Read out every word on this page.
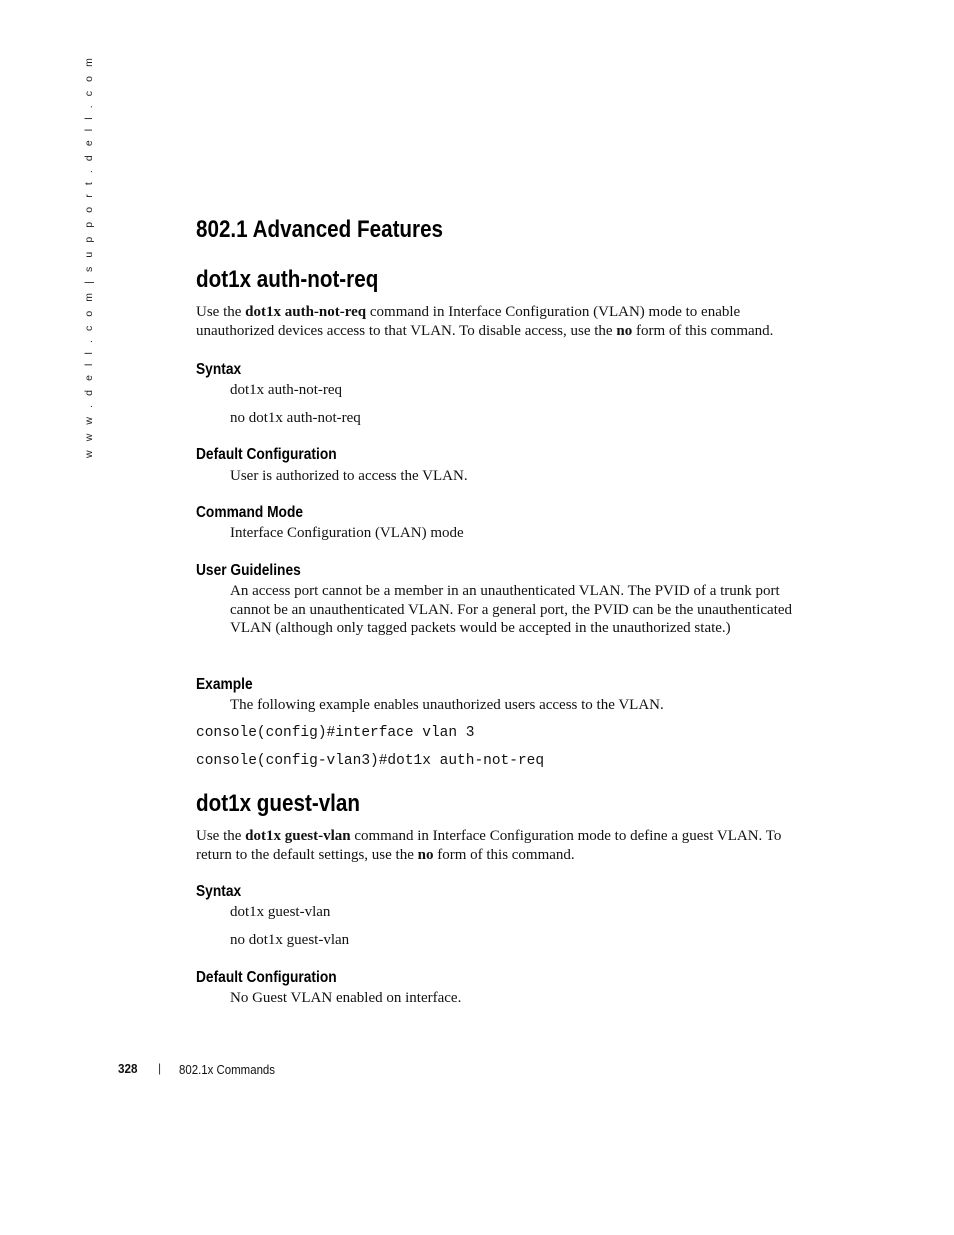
w w w . d e l l . c o m | s u p p o r t . d e l l . c o m	802.1 Advanced Features
dot1x auth-not-req

Use the dot1x auth-not-req command in Interface Configuration (VLAN) mode to enable unauthorized devices access to that VLAN. To disable access, use the no form of this command.

Syntax

dot1x auth-not-req

no dot1x auth-not-req

Default Configuration

User is authorized to access the VLAN.

Command Mode

Interface Configuration (VLAN) mode

User Guidelines

An access port cannot be a member in an unauthenticated VLAN. The PVID of a trunk port cannot be an unauthenticated VLAN. For a general port, the PVID can be the unauthenticated VLAN (although only tagged packets would be accepted in the unauthorized state.)

Example

The following example enables unauthorized users access to the VLAN.

console(config)#interface vlan 3

console(config-vlan3)#dot1x auth-not-req

dot1x guest-vlan

Use the dot1x guest-vlan command in Interface Configuration mode to define a guest VLAN. To return to the default settings, use the no form of this command.

Syntax

dot1x guest-vlan

no dot1x guest-vlan

Default Configuration

No Guest VLAN enabled on interface.

328 | 802.1x Commands
